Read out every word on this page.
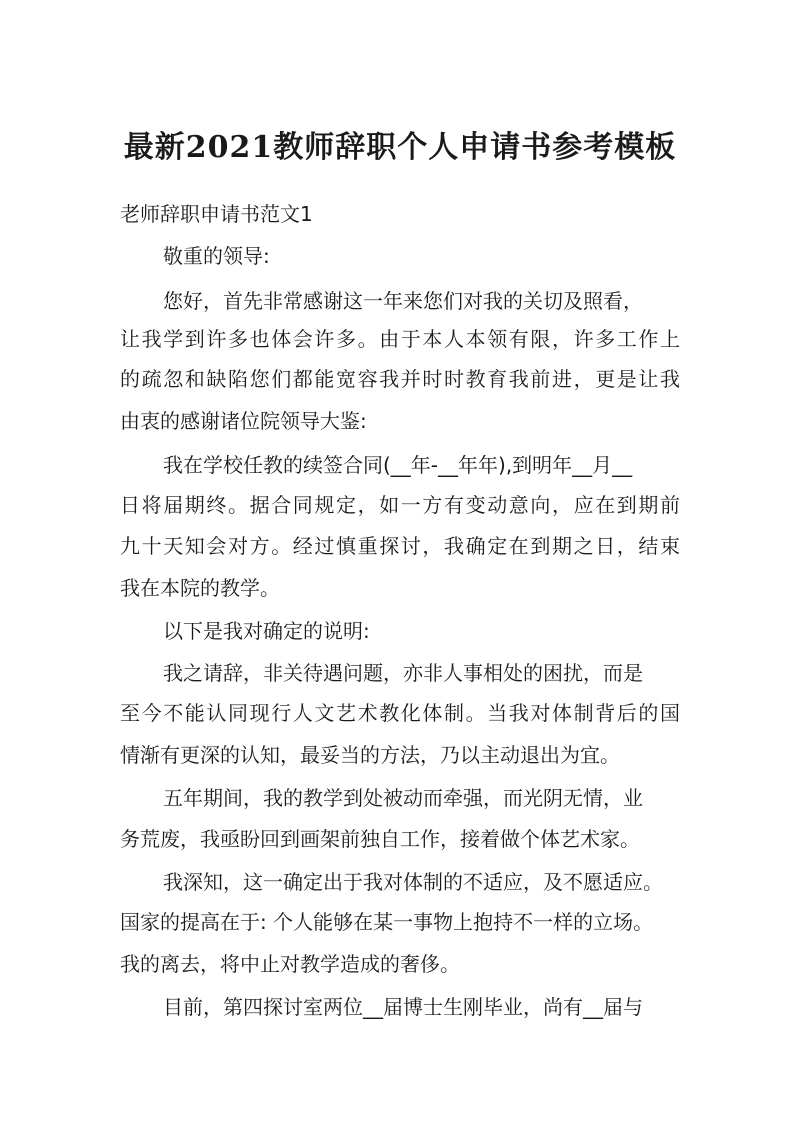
最新2021教师辞职个人申请书参考模板
老师辞职申请书范文1
敬重的领导:
您好，首先非常感谢这一年来您们对我的关切及照看，
让我学到许多也体会许多。由于本人本领有限，许多工作上
的疏忽和缺陷您们都能宽容我并时时教育我前进，更是让我
由衷的感谢诸位院领导大鉴:
我在学校任教的续签合同(__年-__年年),到明年__月__
日将届期终。据合同规定，如一方有变动意向，应在到期前
九十天知会对方。经过慎重探讨，我确定在到期之日，结束
我在本院的教学。
以下是我对确定的说明:
我之请辞，非关待遇问题，亦非人事相处的困扰，而是
至今不能认同现行人文艺术教化体制。当我对体制背后的国
情渐有更深的认知，最妥当的方法，乃以主动退出为宜。
五年期间，我的教学到处被动而牵强，而光阴无情，业
务荒废，我亟盼回到画架前独自工作，接着做个体艺术家。
我深知，这一确定出于我对体制的不适应，及不愿适应。
国家的提高在于: 个人能够在某一事物上抱持不一样的立场。
我的离去，将中止对教学造成的奢侈。
目前，第四探讨室两位__届博士生刚毕业，尚有__届与
